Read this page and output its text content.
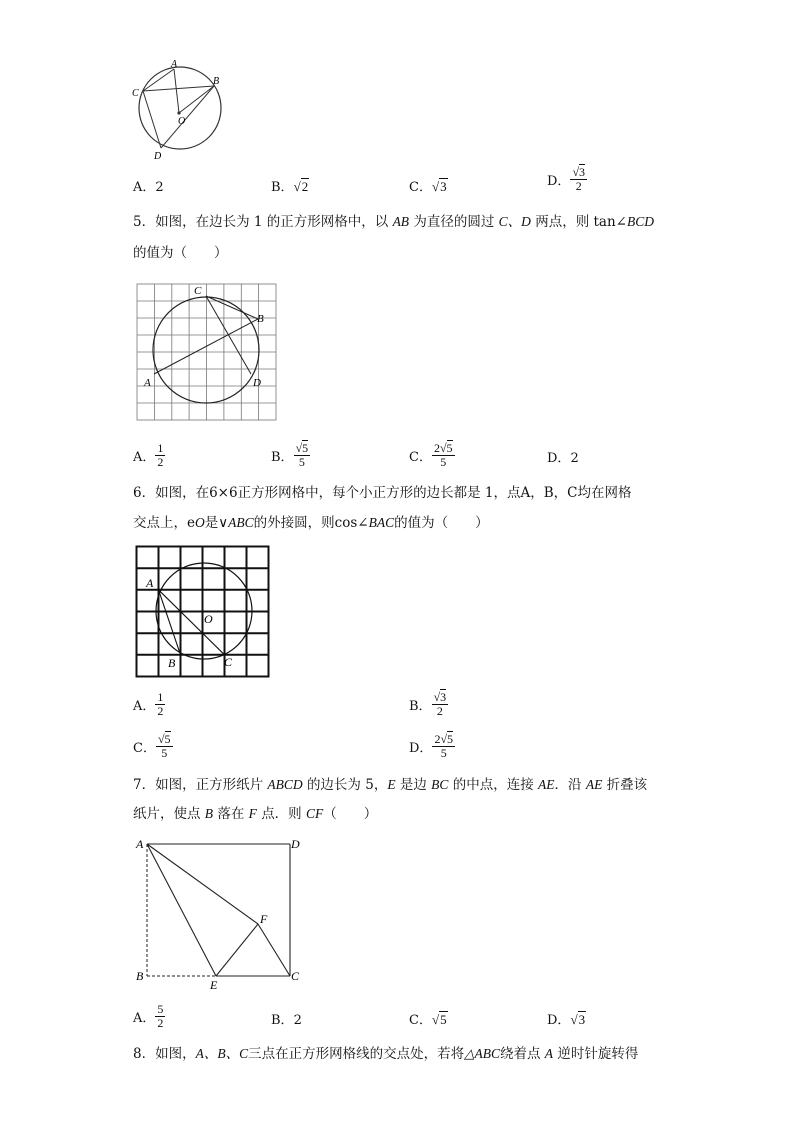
A
B
C
D
O
A．2	B．√2	C．√3	D． $\frac{√3}{2}$
5．如图，在边长为 1 的正方形网格中，以 AB 为直径的圆过 C、D 两点，则 tan∠BCD
的值为（　　）
A
B
C
D
A． $\frac{1}{2}$	B． $\frac{√5}{5}$	C． $\frac{2√5}{5}$	D．2
6．如图，在6×6正方形网格中，每个小正方形的边长都是 1，点A，B，C均在网格
交点上，eO是∨ABC的外接圆，则cos∠BAC的值为（　　）
A
B	C
O
A． $\frac{1}{2}$	B． $\frac{√3}{2}$
C． $\frac{√5}{5}$	D． $\frac{2√5}{5}$
7．如图，正方形纸片 ABCD 的边长为 5，E 是边 BC 的中点，连接 AE．沿 AE 折叠该
纸片，使点 B 落在 F 点．则 CF（　　）
A
B	C
D
E
F
A． $\frac{5}{2}$	B．2	C．√5	D．√3
8．如图，A、B、C三点在正方形网格线的交点处，若将△ABC绕着点 A 逆时针旋转得
